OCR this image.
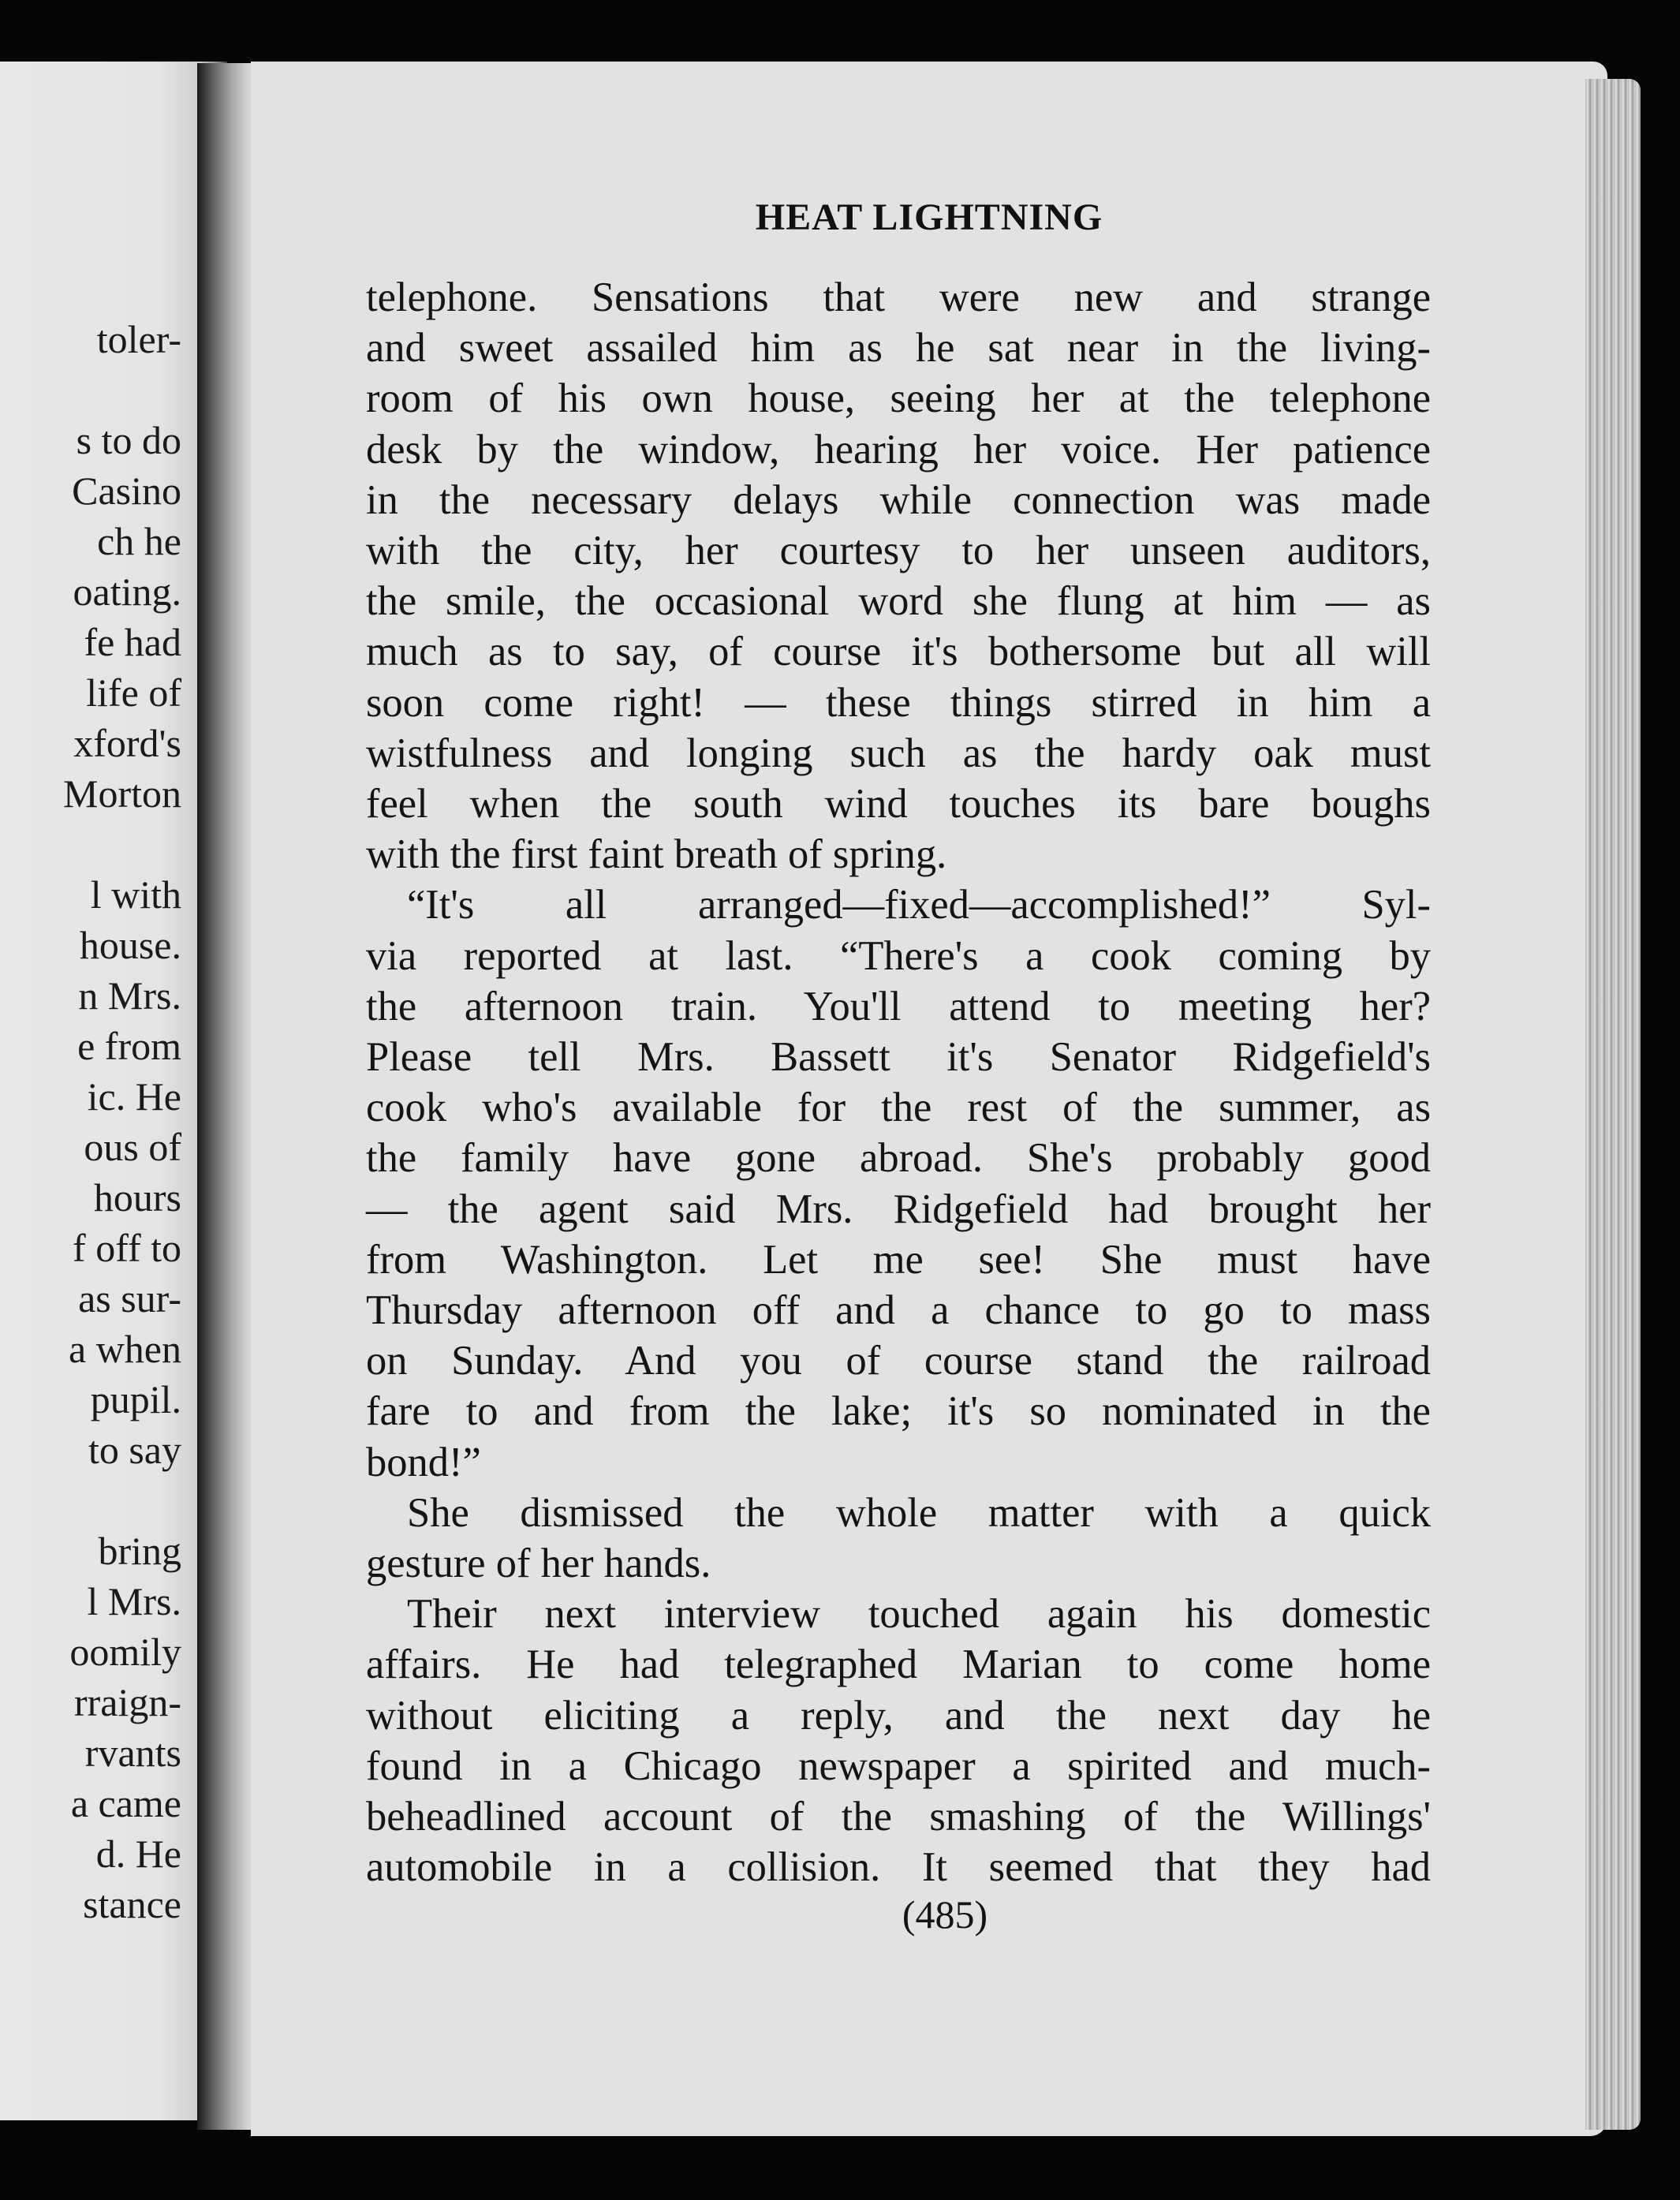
toler-
s to do
Casino
ch he
oating.
fe had
life of
xford's
Morton
l with
house.
n Mrs.
e from
ic. He
ous of
hours
f off to
as sur-
a when
pupil.
to say
bring
l Mrs.
oomily
rraign-
rvants
a came
d. He
stance
HEAT LIGHTNING
telephone. Sensations that were new and strange
and sweet assailed him as he sat near in the living-
room of his own house, seeing her at the telephone
desk by the window, hearing her voice. Her patience
in the necessary delays while connection was made
with the city, her courtesy to her unseen auditors,
the smile, the occasional word she flung at him — as
much as to say, of course it's bothersome but all will
soon come right! — these things stirred in him a
wistfulness and longing such as the hardy oak must
feel when the south wind touches its bare boughs
with the first faint breath of spring.
“It's all arranged—fixed—accomplished!” Syl-
via reported at last. “There's a cook coming by
the afternoon train. You'll attend to meeting her?
Please tell Mrs. Bassett it's Senator Ridgefield's
cook who's available for the rest of the summer, as
the family have gone abroad. She's probably good
— the agent said Mrs. Ridgefield had brought her
from Washington. Let me see! She must have
Thursday afternoon off and a chance to go to mass
on Sunday. And you of course stand the railroad
fare to and from the lake; it's so nominated in the
bond!”
She dismissed the whole matter with a quick
gesture of her hands.
Their next interview touched again his domestic
affairs. He had telegraphed Marian to come home
without eliciting a reply, and the next day he
found in a Chicago newspaper a spirited and much-
beheadlined account of the smashing of the Willings'
automobile in a collision. It seemed that they had
(485)
